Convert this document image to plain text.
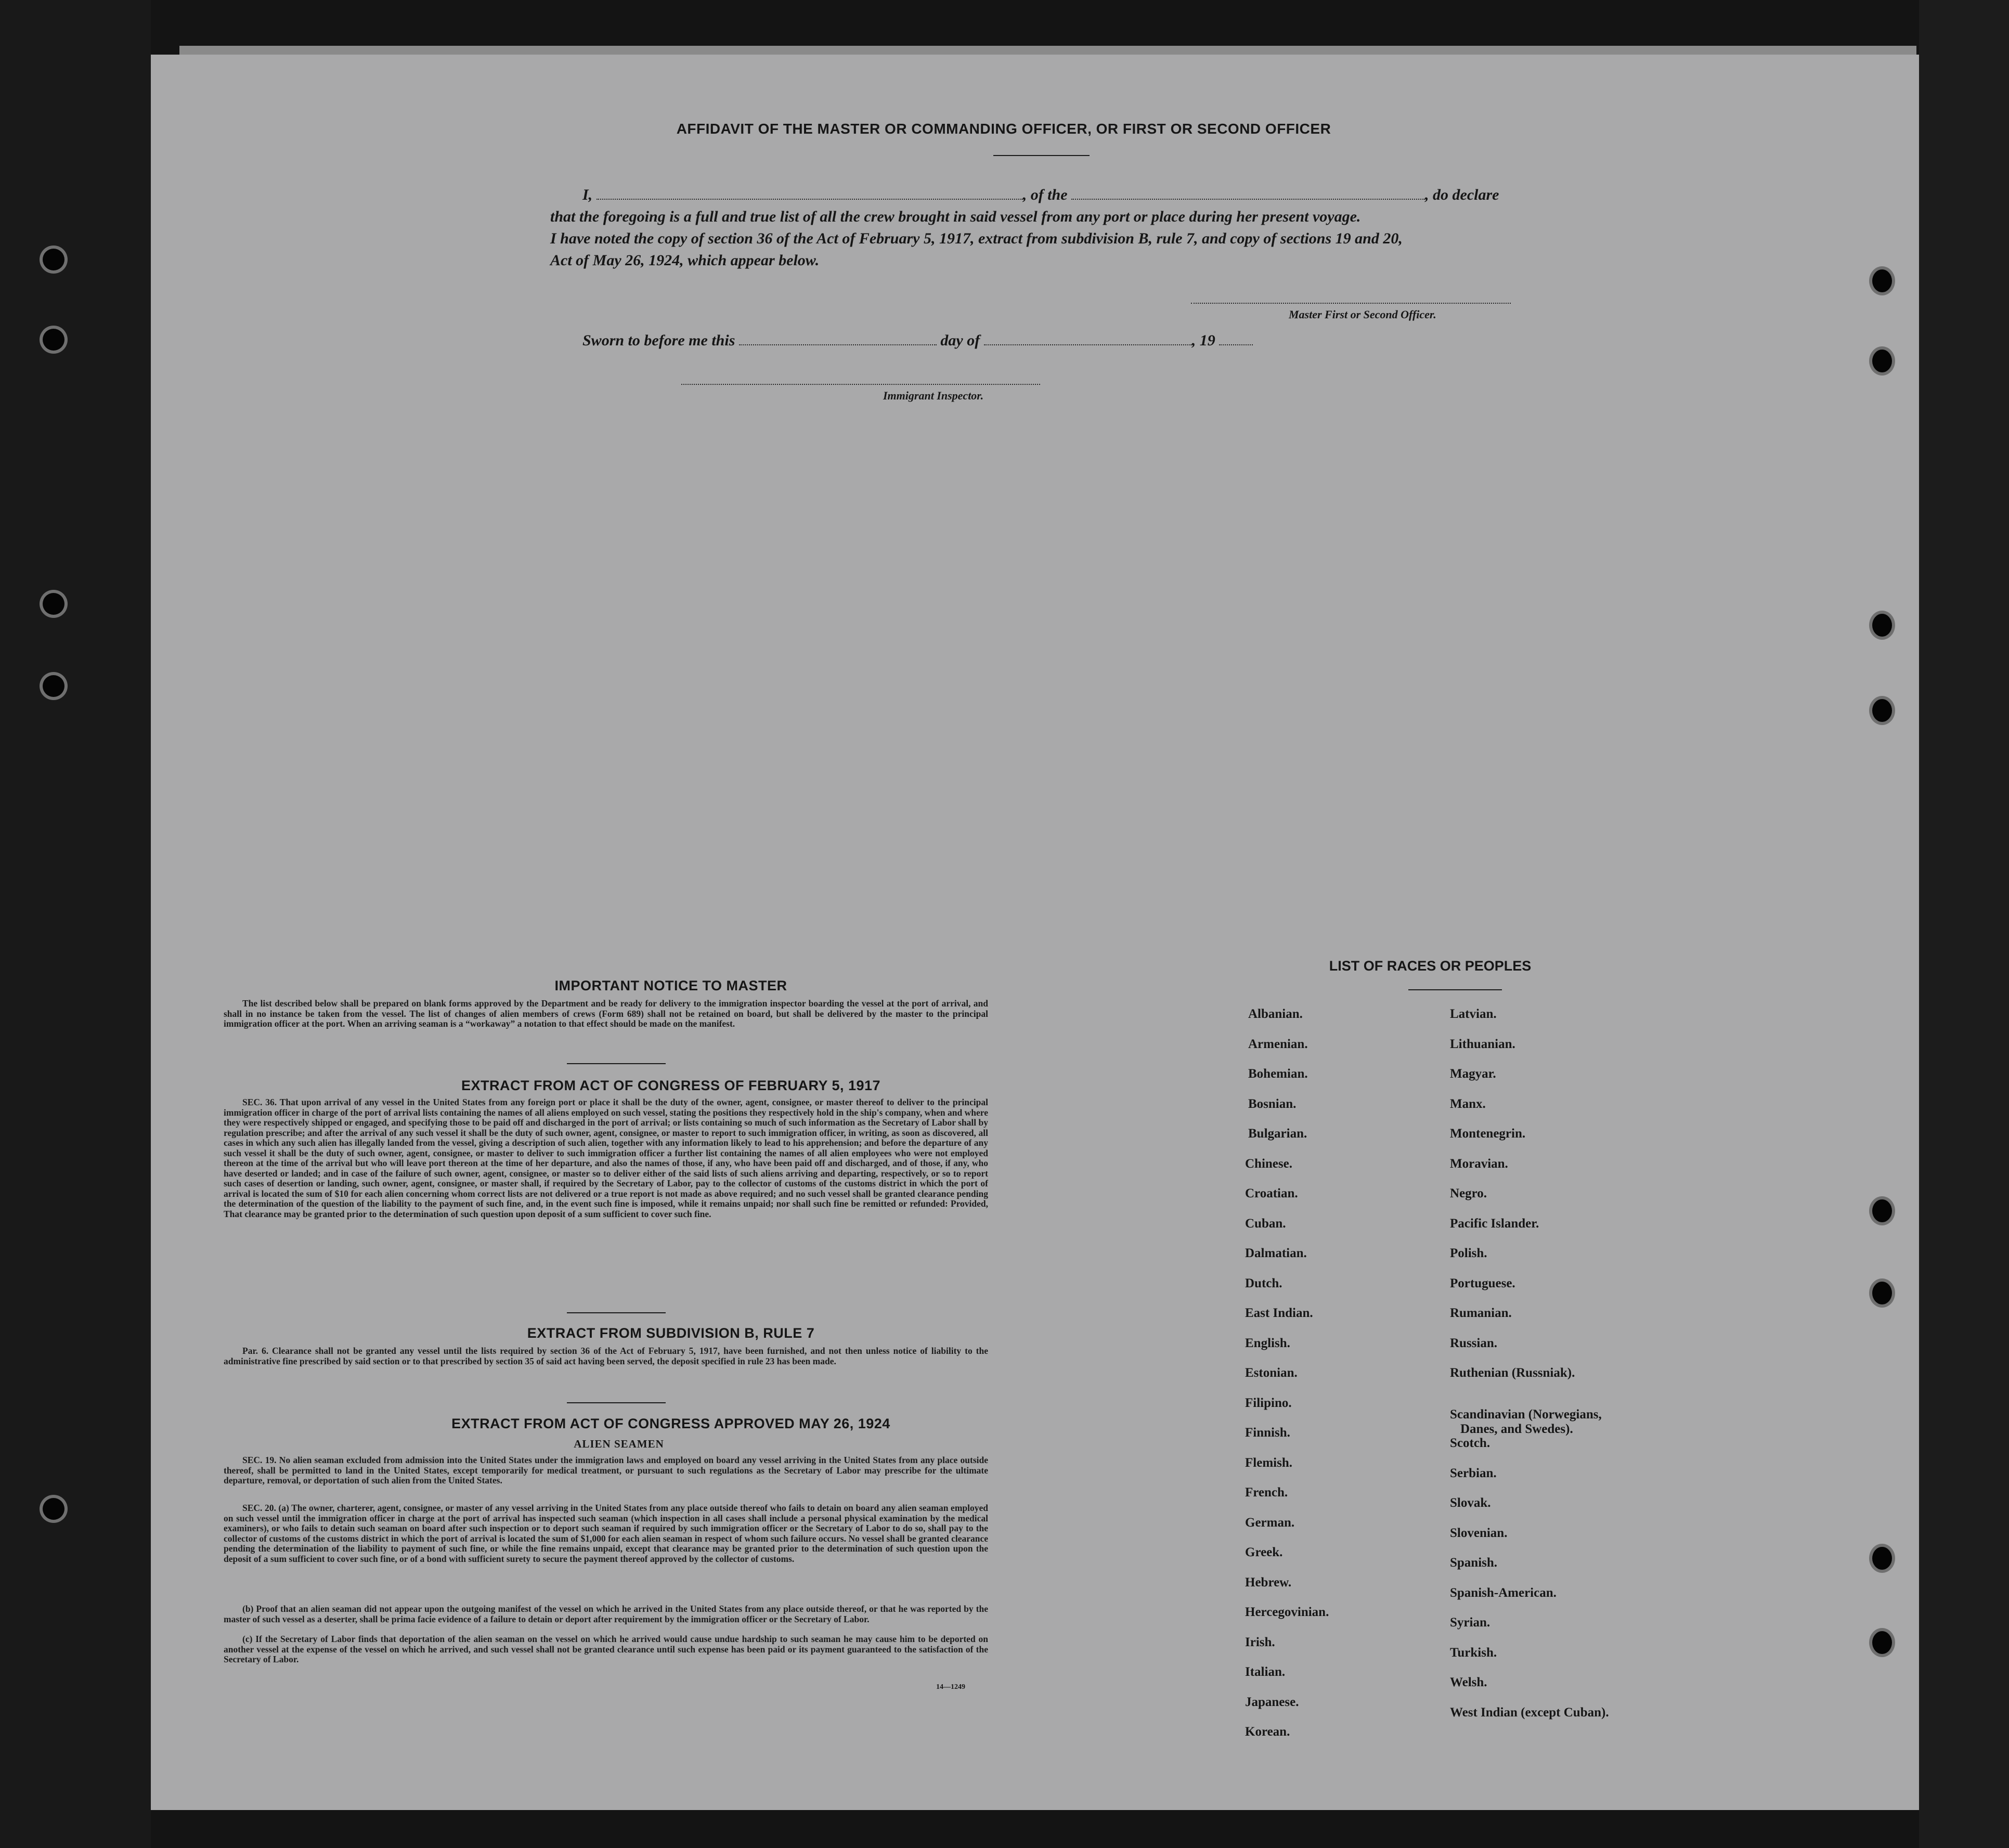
AFFIDAVIT OF THE MASTER OR COMMANDING OFFICER, OR FIRST OR SECOND OFFICER
I,	, of the	, do declare
that the foregoing is a full and true list of all the crew brought in said vessel from any port or place during her present voyage.
I have noted the copy of section 36 of the Act of February 5, 1917, extract from subdivision B, rule 7, and copy of sections 19 and 20,
Act of May 26, 1924, which appear below.
Master First or Second Officer.
Sworn to before me this	day of	, 19
Immigrant Inspector.
IMPORTANT NOTICE TO MASTER
The list described below shall be prepared on blank forms approved by the Department and be ready for delivery to the immigration inspector boarding the vessel at the port of arrival, and shall in no instance be taken from the vessel. The list of changes of alien members of crews (Form 689) shall not be retained on board, but shall be delivered by the master to the principal immigration officer at the port. When an arriving seaman is a “workaway” a notation to that effect should be made on the manifest.
EXTRACT FROM ACT OF CONGRESS OF FEBRUARY 5, 1917
SEC. 36. That upon arrival of any vessel in the United States from any foreign port or place it shall be the duty of the owner, agent, consignee, or master thereof to deliver to the principal immigration officer in charge of the port of arrival lists containing the names of all aliens employed on such vessel, stating the positions they respectively hold in the ship's company, when and where they were respectively shipped or engaged, and specifying those to be paid off and discharged in the port of arrival; or lists containing so much of such information as the Secretary of Labor shall by regulation prescribe; and after the arrival of any such vessel it shall be the duty of such owner, agent, consignee, or master to report to such immigration officer, in writing, as soon as discovered, all cases in which any such alien has illegally landed from the vessel, giving a description of such alien, together with any information likely to lead to his apprehension; and before the departure of any such vessel it shall be the duty of such owner, agent, consignee, or master to deliver to such immigration officer a further list containing the names of all alien employees who were not employed thereon at the time of the arrival but who will leave port thereon at the time of her departure, and also the names of those, if any, who have been paid off and discharged, and of those, if any, who have deserted or landed; and in case of the failure of such owner, agent, consignee, or master so to deliver either of the said lists of such aliens arriving and departing, respectively, or so to report such cases of desertion or landing, such owner, agent, consignee, or master shall, if required by the Secretary of Labor, pay to the collector of customs of the customs district in which the port of arrival is located the sum of $10 for each alien concerning whom correct lists are not delivered or a true report is not made as above required; and no such vessel shall be granted clearance pending the determination of the question of the liability to the payment of such fine, and, in the event such fine is imposed, while it remains unpaid; nor shall such fine be remitted or refunded: Provided, That clearance may be granted prior to the determination of such question upon deposit of a sum sufficient to cover such fine.
EXTRACT FROM SUBDIVISION B, RULE 7
Par. 6. Clearance shall not be granted any vessel until the lists required by section 36 of the Act of February 5, 1917, have been furnished, and not then unless notice of liability to the administrative fine prescribed by said section or to that prescribed by section 35 of said act having been served, the deposit specified in rule 23 has been made.
EXTRACT FROM ACT OF CONGRESS APPROVED MAY 26, 1924
ALIEN SEAMEN
SEC. 19. No alien seaman excluded from admission into the United States under the immigration laws and employed on board any vessel arriving in the United States from any place outside thereof, shall be permitted to land in the United States, except temporarily for medical treatment, or pursuant to such regulations as the Secretary of Labor may prescribe for the ultimate departure, removal, or deportation of such alien from the United States.
SEC. 20. (a) The owner, charterer, agent, consignee, or master of any vessel arriving in the United States from any place outside thereof who fails to detain on board any alien seaman employed on such vessel until the immigration officer in charge at the port of arrival has inspected such seaman (which inspection in all cases shall include a personal physical examination by the medical examiners), or who fails to detain such seaman on board after such inspection or to deport such seaman if required by such immigration officer or the Secretary of Labor to do so, shall pay to the collector of customs of the customs district in which the port of arrival is located the sum of $1,000 for each alien seaman in respect of whom such failure occurs. No vessel shall be granted clearance pending the determination of the liability to payment of such fine, or while the fine remains unpaid, except that clearance may be granted prior to the determination of such question upon the deposit of a sum sufficient to cover such fine, or of a bond with sufficient surety to secure the payment thereof approved by the collector of customs.
(b) Proof that an alien seaman did not appear upon the outgoing manifest of the vessel on which he arrived in the United States from any place outside thereof, or that he was reported by the master of such vessel as a deserter, shall be prima facie evidence of a failure to detain or deport after requirement by the immigration officer or the Secretary of Labor.
(c) If the Secretary of Labor finds that deportation of the alien seaman on the vessel on which he arrived would cause undue hardship to such seaman he may cause him to be deported on another vessel at the expense of the vessel on which he arrived, and such vessel shall not be granted clearance until such expense has been paid or its payment guaranteed to the satisfaction of the Secretary of Labor.
14—1249
LIST OF RACES OR PEOPLES
Albanian.
Armenian.
Bohemian.
Bosnian.
Bulgarian.
Chinese.
Croatian.
Cuban.
Dalmatian.
Dutch.
East Indian.
English.
Estonian.
Filipino.
Finnish.
Flemish.
French.
German.
Greek.
Hebrew.
Hercegovinian.
Irish.
Italian.
Japanese.
Korean.
Latvian.
Lithuanian.
Magyar.
Manx.
Montenegrin.
Moravian.
Negro.
Pacific Islander.
Polish.
Portuguese.
Rumanian.
Russian.
Ruthenian (Russniak).
Scandinavian (Norwegians,
Danes, and Swedes).
Scotch.
Serbian.
Slovak.
Slovenian.
Spanish.
Spanish-American.
Syrian.
Turkish.
Welsh.
West Indian (except Cuban).
